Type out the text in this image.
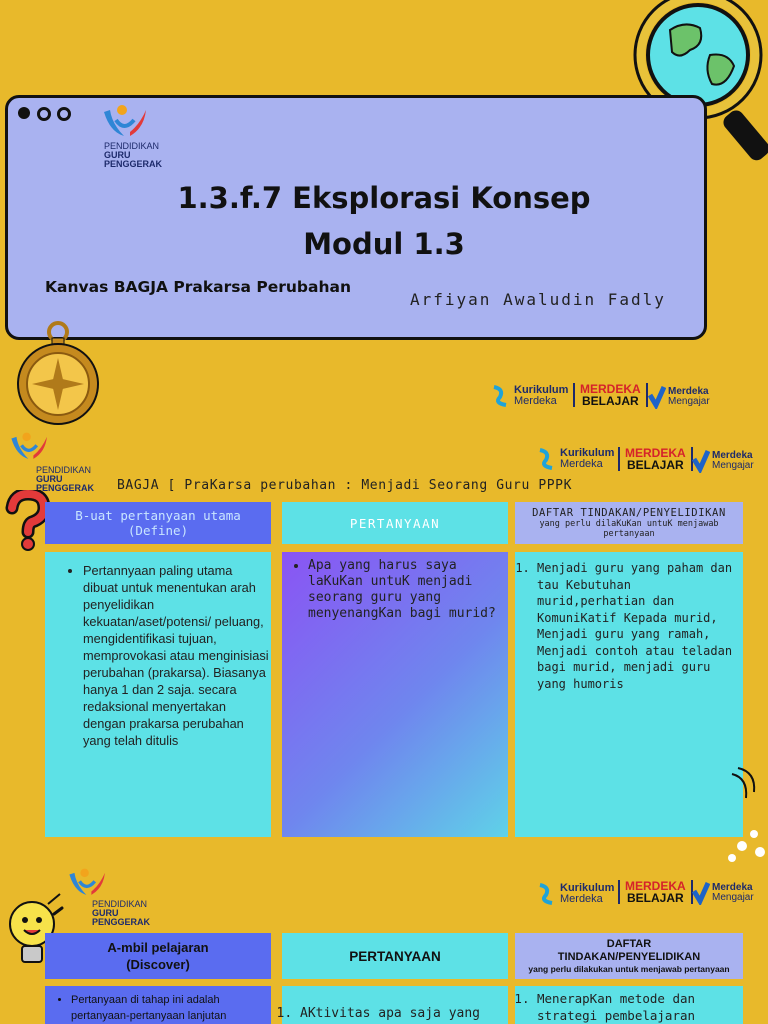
PENDIDIKAN
GURU
PENGGERAK
1.3.f.7 Eksplorasi Konsep
Modul 1.3
Kanvas BAGJA Prakarsa Perubahan
Arfiyan Awaludin Fadly
Kurikulum
Merdeka
MERDEKA
BELAJAR
Merdeka
Mengajar
PENDIDIKAN
GURU
PENGGERAK
Kurikulum
Merdeka
MERDEKA
BELAJAR
Merdeka
Mengajar
BAGJA [ PraKarsa perubahan : Menjadi Seorang Guru PPPK
B-uat pertanyaan utama (Define)	PERTANYAAN
DAFTAR TINDAKAN/PENYELIDIKAN
yang perlu dilaKuKan untuK menjawab pertanyaan
• Pertannyaan paling utama dibuat untuk menentukan arah penyelidikan kekuatan/aset/potensi/ peluang, mengidentifikasi tujuan, memprovokasi atau menginisiasi perubahan (prakarsa). Biasanya hanya 1 dan 2 saja. secara redaksional menyertakan dengan prakarsa perubahan yang telah ditulis
• Apa yang harus saya laKuKan untuK menjadi seorang guru yang menyenangKan bagi murid?
1. Menjadi guru yang paham dan tau Kebutuhan murid,perhatian dan KomuniKatif Kepada murid, Menjadi guru yang ramah, Menjadi contoh atau teladan bagi murid, menjadi guru yang humoris
PENDIDIKAN
GURU
PENGGERAK
Kurikulum
Merdeka
MERDEKA
BELAJAR
Merdeka
Mengajar
A-mbil pelajaran
(Discover)
PERTANYAAN
DAFTAR
TINDAKAN/PENYELIDIKAN
yang perlu dilakukan untuk menjawab pertanyaan
• Pertanyaan di tahap ini adalah pertanyaan-pertanyaan lanjutan
1.	AKtivitas apa saja yang
1. MenerapKan metode dan strategi pembelajaran
